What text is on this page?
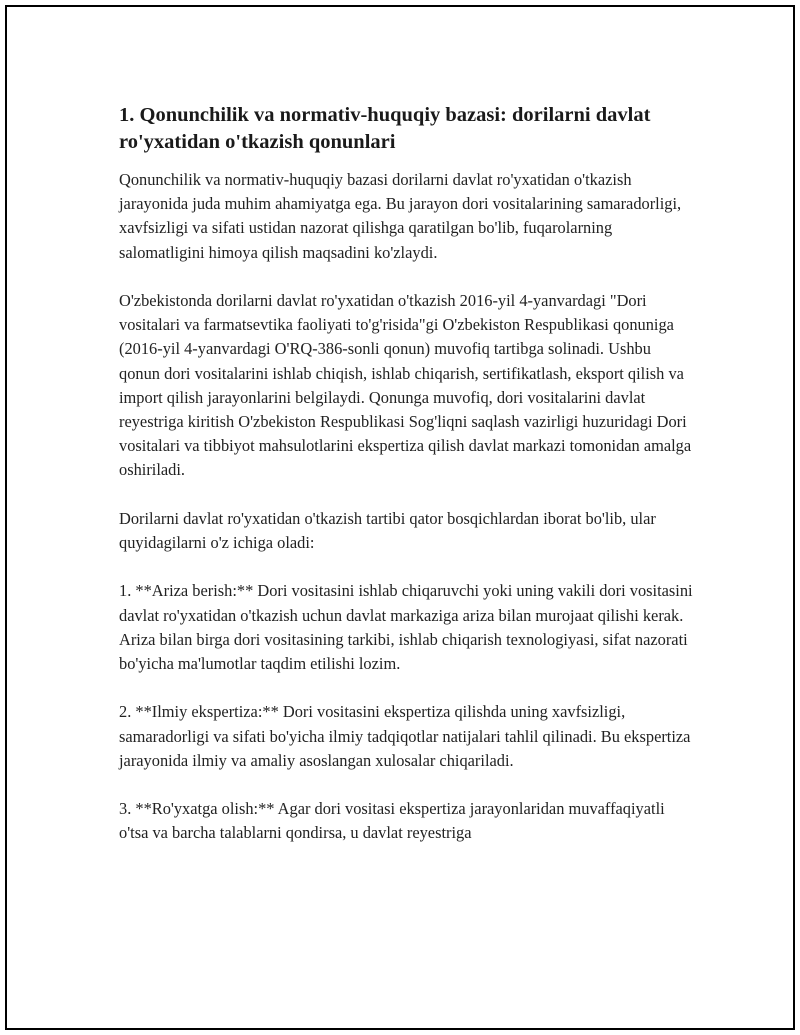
1. Qonunchilik va normativ-huquqiy bazasi: dorilarni davlat ro'yxatidan o'tkazish qonunlari

Qonunchilik va normativ-huquqiy bazasi dorilarni davlat ro'yxatidan o'tkazish jarayonida juda muhim ahamiyatga ega. Bu jarayon dori vositalarining samaradorligi, xavfsizligi va sifati ustidan nazorat qilishga qaratilgan bo'lib, fuqarolarning salomatligini himoya qilish maqsadini ko'zlaydi.

O'zbekistonda dorilarni davlat ro'yxatidan o'tkazish 2016-yil 4-yanvardagi "Dori vositalari va farmatsevtika faoliyati to'g'risida"gi O'zbekiston Respublikasi qonuniga (2016-yil 4-yanvardagi O'RQ-386-sonli qonun) muvofiq tartibga solinadi. Ushbu qonun dori vositalarini ishlab chiqish, ishlab chiqarish, sertifikatlash, eksport qilish va import qilish jarayonlarini belgilaydi. Qonunga muvofiq, dori vositalarini davlat reyestriga kiritish O'zbekiston Respublikasi Sog'liqni saqlash vazirligi huzuridagi Dori vositalari va tibbiyot mahsulotlarini ekspertiza qilish davlat markazi tomonidan amalga oshiriladi.

Dorilarni davlat ro'yxatidan o'tkazish tartibi qator bosqichlardan iborat bo'lib, ular quyidagilarni o'z ichiga oladi:

1. **Ariza berish:** Dori vositasini ishlab chiqaruvchi yoki uning vakili dori vositasini davlat ro'yxatidan o'tkazish uchun davlat markaziga ariza bilan murojaat qilishi kerak. Ariza bilan birga dori vositasining tarkibi, ishlab chiqarish texnologiyasi, sifat nazorati bo'yicha ma'lumotlar taqdim etilishi lozim.

2. **Ilmiy ekspertiza:** Dori vositasini ekspertiza qilishda uning xavfsizligi, samaradorligi va sifati bo'yicha ilmiy tadqiqotlar natijalari tahlil qilinadi. Bu ekspertiza jarayonida ilmiy va amaliy asoslangan xulosalar chiqariladi.

3. **Ro'yxatga olish:** Agar dori vositasi ekspertiza jarayonlaridan muvaffaqiyatli o'tsa va barcha talablarni qondirsa, u davlat reyestriga
